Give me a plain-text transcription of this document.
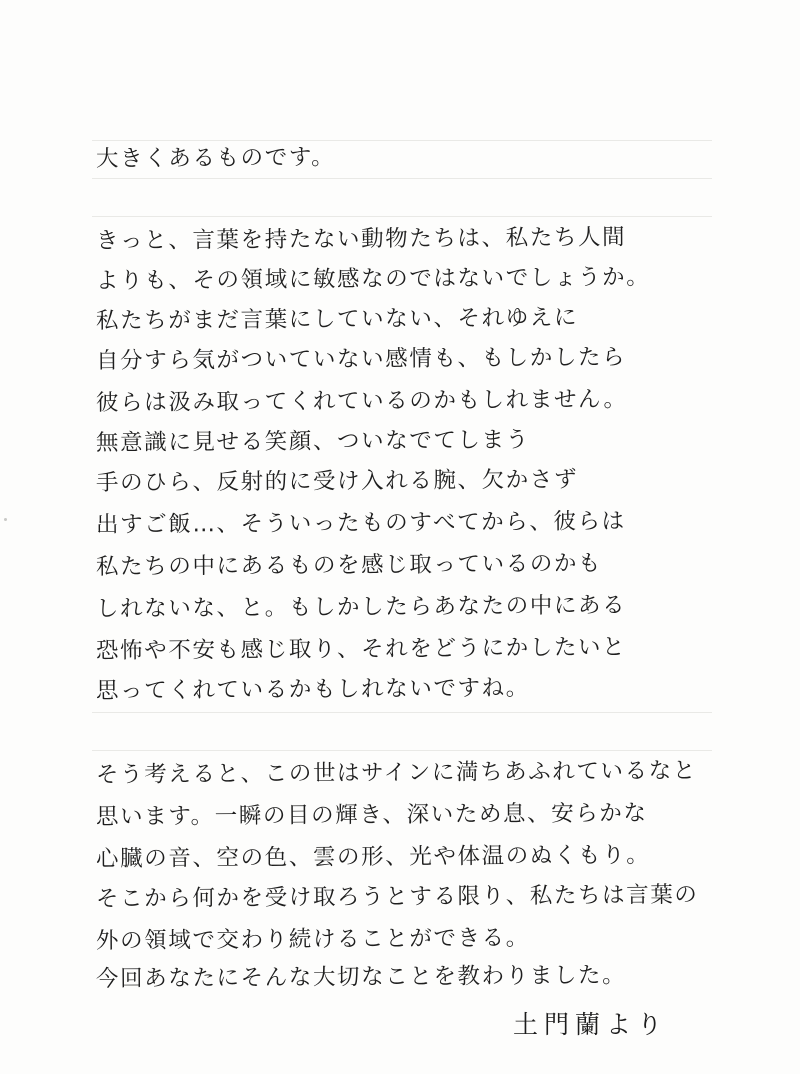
大きくあるものです。
きっと、言葉を持たない動物たちは、私たち人間
よりも、その領域に敏感なのではないでしょうか。
私たちがまだ言葉にしていない、それゆえに
自分すら気がついていない感情も、もしかしたら
彼らは汲み取ってくれているのかもしれません。
無意識に見せる笑顔、ついなでてしまう
手のひら、反射的に受け入れる腕、欠かさず
出すご飯…、そういったものすべてから、彼らは
私たちの中にあるものを感じ取っているのかも
しれないな、と。もしかしたらあなたの中にある
恐怖や不安も感じ取り、それをどうにかしたいと
思ってくれているかもしれないですね。
そう考えると、この世はサインに満ちあふれているなと
思います。一瞬の目の輝き、深いため息、安らかな
心臓の音、空の色、雲の形、光や体温のぬくもり。
そこから何かを受け取ろうとする限り、私たちは言葉の
外の領域で交わり続けることができる。
今回あなたにそんな大切なことを教わりました。
土門蘭より
